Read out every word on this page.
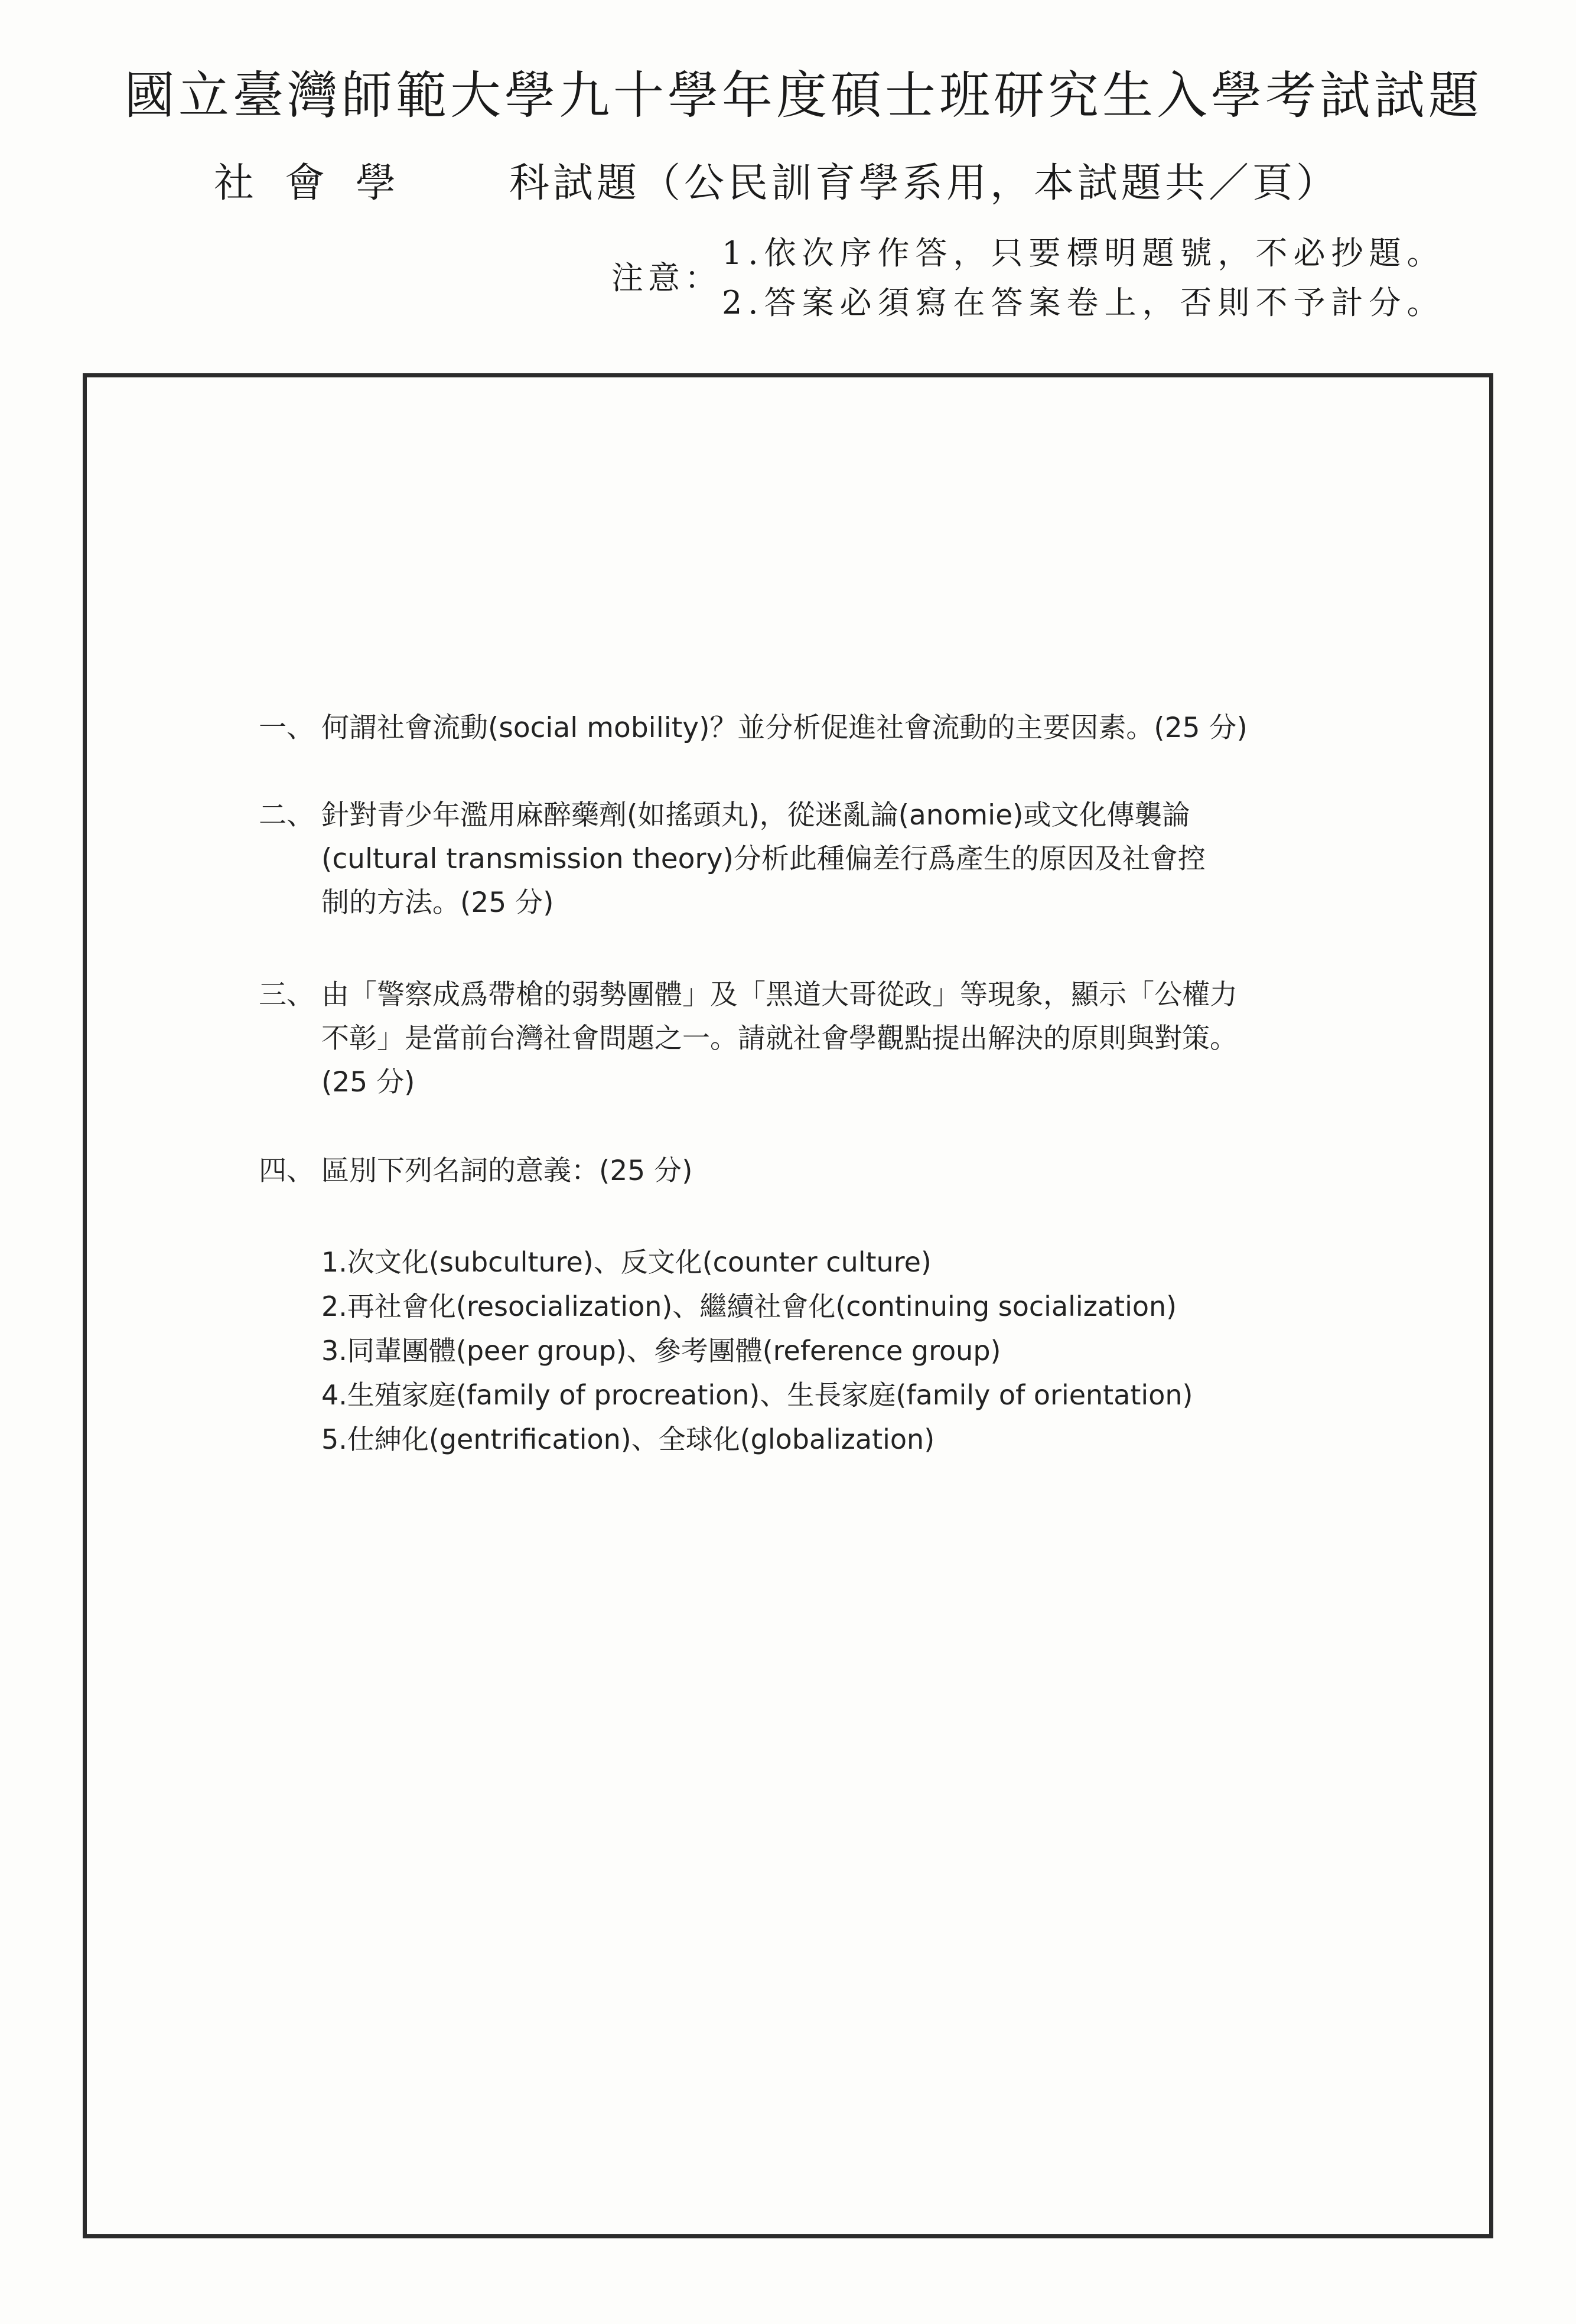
國立臺灣師範大學九十學年度碩士班研究生入學考試試題
社會學 科試題（公民訓育學系用，本試題共／頁）
注意：
1.依次序作答，只要標明題號，不必抄題。
2.答案必須寫在答案卷上，否則不予計分。
一、 何謂社會流動(social mobility)？並分析促進社會流動的主要因素。(25 分)
二、 針對青少年濫用麻醉藥劑(如搖頭丸)，從迷亂論(anomie)或文化傳襲論
(cultural transmission theory)分析此種偏差行爲產生的原因及社會控
制的方法。(25 分)
三、 由「警察成爲帶槍的弱勢團體」及「黑道大哥從政」等現象，顯示「公權力
不彰」是當前台灣社會問題之一。請就社會學觀點提出解決的原則與對策。
(25 分)
四、 區別下列名詞的意義：(25 分)
1.次文化(subculture)、反文化(counter culture)
2.再社會化(resocialization)、繼續社會化(continuing socialization)
3.同輩團體(peer group)、參考團體(reference group)
4.生殖家庭(family of procreation)、生長家庭(family of orientation)
5.仕紳化(gentrification)、全球化(globalization)
